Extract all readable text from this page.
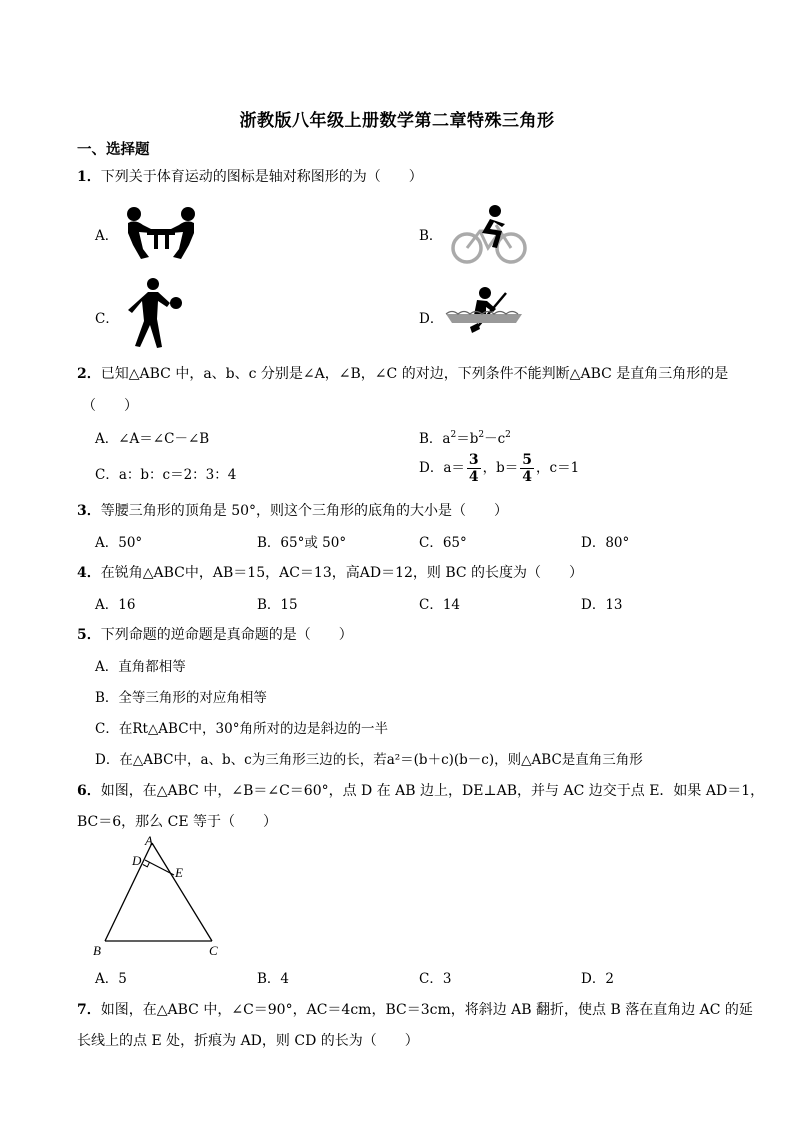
浙教版八年级上册数学第二章特殊三角形
一、选择题
1．下列关于体育运动的图标是轴对称图形的为（　　）
A．	B．
C．	D．
2．已知△ABC 中，a、b、c 分别是∠A，∠B，∠C 的对边，下列条件不能判断△ABC 是直角三角形的是
（　　）
A．∠A＝∠C－∠B	B．$a^2=b^2-c^2$
C．a：b：c＝2：3：4	D．$a= \frac{3}{4}$ ，$b= \frac{5}{4}$ ，c＝1
3．等腰三角形的顶角是 50°，则这个三角形的底角的大小是（　　）
A．50°	B．65°或 50°	C．65°	D．80°
4．在锐角△ABC中，AB＝15，AC＝13，高AD＝12，则 BC 的长度为（　　）
A．16	B．15	C．14	D．13
5．下列命题的逆命题是真命题的是（　　）
A．直角都相等
B．全等三角形的对应角相等
C．在Rt△ABC中，30°角所对的边是斜边的一半
D．在△ABC中，a、b、c为三角形三边的长，若a²＝(b＋c)(b－c)，则△ABC是直角三角形
6．如图，在△ABC 中，∠B＝∠C＝60°，点 D 在 AB 边上，DE⊥AB，并与 AC 边交于点 E．如果 AD＝1，
BC＝6，那么 CE 等于（　　）
A
D
E
B	C
A．5	B．4	C．3	D．2
7．如图，在△ABC 中，∠C＝90°，AC＝4cm，BC＝3cm，将斜边 AB 翻折，使点 B 落在直角边 AC 的延
长线上的点 E 处，折痕为 AD，则 CD 的长为（　　）
